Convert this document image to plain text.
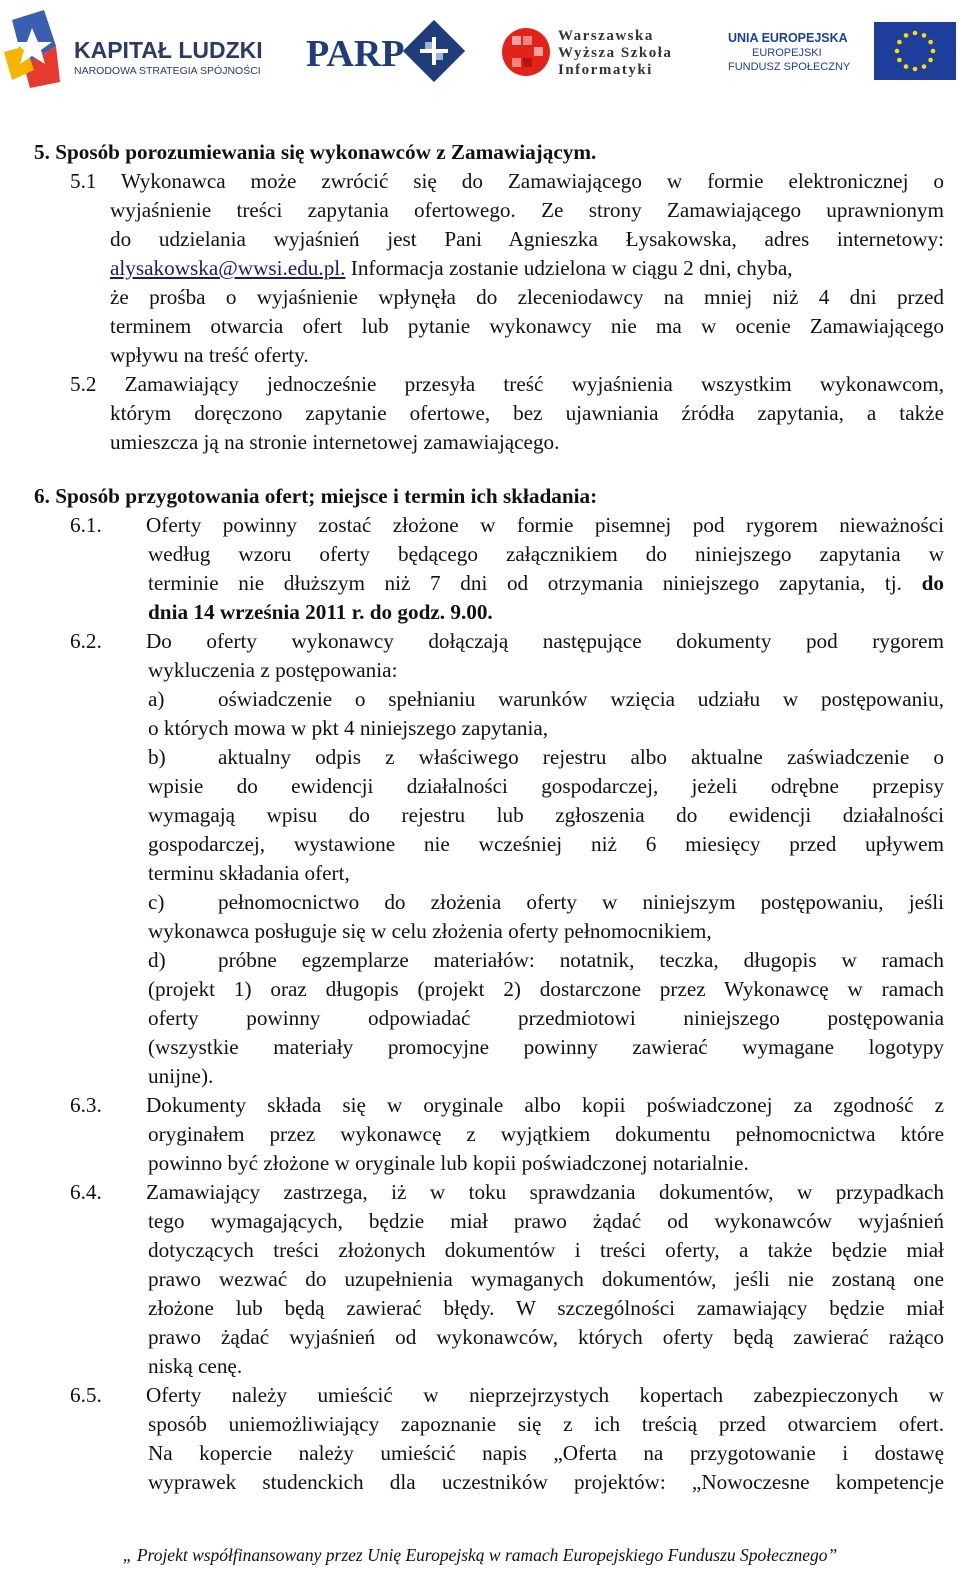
KAPITAŁ LUDZKI
NARODOWA STRATEGIA SPÓJNOŚCI PARP	Warszawska
Wyższa Szkoła
Informatyki
UNIA EUROPEJSKA
EUROPEJSKI
FUNDUSZ SPOŁECZNY
5. Sposób porozumiewania się wykonawców z Zamawiającym.
5.1 Wykonawca może zwrócić się do Zamawiającego w formie elektronicznej o
wyjaśnienie treści zapytania ofertowego. Ze strony Zamawiającego uprawnionym
do udzielania wyjaśnień jest Pani Agnieszka Łysakowska, adres internetowy:
alysakowska@wwsi.edu.pl. Informacja zostanie udzielona w ciągu 2 dni, chyba,
że prośba o wyjaśnienie wpłynęła do zleceniodawcy na mniej niż 4 dni przed
terminem otwarcia ofert lub pytanie wykonawcy nie ma w ocenie Zamawiającego
wpływu na treść oferty.
5.2 Zamawiający jednocześnie przesyła treść wyjaśnienia wszystkim wykonawcom,
którym doręczono zapytanie ofertowe, bez ujawniania źródła zapytania, a także
umieszcza ją na stronie internetowej zamawiającego.
6. Sposób przygotowania ofert; miejsce i termin ich składania:
6.1. Oferty powinny zostać złożone w formie pisemnej pod rygorem nieważności
według wzoru oferty będącego załącznikiem do niniejszego zapytania w
terminie nie dłuższym niż 7 dni od otrzymania niniejszego zapytania, tj. do
dnia 14 września 2011 r. do godz. 9.00.
6.2. Do oferty wykonawcy dołączają następujące dokumenty pod rygorem
wykluczenia z postępowania:
a)	oświadczenie o spełnianiu warunków wzięcia udziału w postępowaniu,
o których mowa w pkt 4 niniejszego zapytania,
b) aktualny odpis z właściwego rejestru albo aktualne zaświadczenie o
wpisie do ewidencji działalności gospodarczej, jeżeli odrębne przepisy
wymagają wpisu do rejestru lub zgłoszenia do ewidencji działalności
gospodarczej, wystawione nie wcześniej niż 6 miesięcy przed upływem
terminu składania ofert,
c)	pełnomocnictwo do złożenia oferty w niniejszym postępowaniu, jeśli
wykonawca posługuje się w celu złożenia oferty pełnomocnikiem,
d) próbne egzemplarze materiałów: notatnik, teczka, długopis w ramach
(projekt 1) oraz długopis (projekt 2) dostarczone przez Wykonawcę w ramach
oferty powinny odpowiadać przedmiotowi niniejszego postępowania
(wszystkie materiały promocyjne powinny zawierać wymagane logotypy
unijne).
6.3. Dokumenty składa się w oryginale albo kopii poświadczonej za zgodność z
oryginałem przez wykonawcę z wyjątkiem dokumentu pełnomocnictwa które
powinno być złożone w oryginale lub kopii poświadczonej notarialnie.
6.4. Zamawiający zastrzega, iż w toku sprawdzania dokumentów, w przypadkach
tego wymagających, będzie miał prawo żądać od wykonawców wyjaśnień
dotyczących treści złożonych dokumentów i treści oferty, a także będzie miał
prawo wezwać do uzupełnienia wymaganych dokumentów, jeśli nie zostaną one
złożone lub będą zawierać błędy. W szczególności zamawiający będzie miał
prawo żądać wyjaśnień od wykonawców, których oferty będą zawierać rażąco
niską cenę.
6.5. Oferty należy umieścić w nieprzejrzystych kopertach zabezpieczonych w
sposób uniemożliwiający zapoznanie się z ich treścią przed otwarciem ofert.
Na kopercie należy umieścić napis „Oferta na przygotowanie i dostawę
wyprawek studenckich dla uczestników projektów: „Nowoczesne kompetencje
„ Projekt współfinansowany przez Unię Europejską w ramach Europejskiego Funduszu Społecznego”
